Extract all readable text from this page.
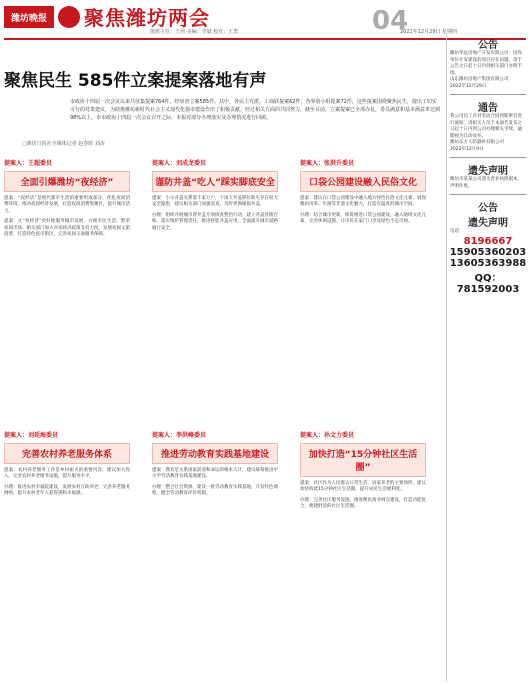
潍坊晚报	聚焦潍坊两会
值班主任：王伟 美编：李斌 校对：王勇	04
2022年12月29日 星期四
聚焦民生 585件立案提案落地有声
市政协十四届一次会议以来共征集提案764件，经审查立案585件。其中，各民主党派、工商联提案62件，各界别小组提案72件，这些提案围绕聚焦民生，提出了切实可行的对策建议，为助推潍坊新时代社会主义现代化强市建设作出了积极贡献。经过相关方面的共同努力，截至目前，立案提案已全部办复，委员满意和基本满意率达到98%以上。市市政协十四届一次会议召开之际，本报对部分办理落实及办理情况进行回顾。
□潍坊日报社全媒体记者 赵春晖 刘涛
提案人：王超委员
全面引爆潍坊“夜经济”
提案：“夜经济”是现代都市生活的重要组成部分，优化夜间消费环境，推动夜间经济发展，打造夜间消费集聚区，提升城市活力。
提案：让“夜经济”更好地服务城市发展、方便市民生活、繁荣夜间市场。相关部门加大对夜经济政策支持力度，发展夜间文旅消费，打造特色夜市街区，完善夜间交通服务保障。
提案人：刘成龙委员
谨防井盖“吃人”踩实脚底安全
提案：小小井盖关系着千家万户，下雨天井盖移位缺失存在较大安全隐患，建议相关部门加强巡查，及时更换破损井盖。
办理：组织开展城市窨井盖专项排查整治行动，建立井盖管理台账，落实维护管理责任，推进智能井盖应用，全面提升城市道路通行安全。
提案人：张洪升委员
口袋公园建设融入民俗文化
提案：建议在口袋公园建设中融入地方特色民俗文化元素，展现潍坊风筝、年画等非遗文化魅力，打造有温度的城市空间。
办理：结合城市更新，统筹推进口袋公园建设，融入地域文化元素，完善休闲设施，让市民在家门口享受绿色生态空间。
提案人：刘延海委员
完善农村养老服务体系
提案：农村养老服务工作是乡村振兴的重要内容，建议加大投入，完善农村养老服务设施，提升服务水平。
办理：推进农村幸福院建设，发展农村互助养老，完善养老服务网络，提升农村老年人获得感和幸福感。
提案人：李洪峰委员
推进劳动教育实践基地建设
提案：教育是关系国家前途和命运的根本大计，建议统筹推进中小学劳动教育实践基地建设。
办理：整合社会资源，建设一批劳动教育实践基地，开发特色课程，健全劳动教育评价机制。
提案人：孙文力委员
加快打造“15分钟社区生活圈”
提案：社区作为人民群众日常生活、居家养老的主要场所，建议加快构建15分钟社区生活圈，提升居民生活便利度。
办理：完善社区服务设施，推进便民商业网点建设，打造功能复合、便捷舒适的社区生活圈。
公告
潍坊华远房地产开发有限公司：因你单位开发建设的项目存在问题，请于公告之日起十日内到相关部门办理手续。
山东潍坊房地产集团有限公司
2022年12月29日
通告
我公司员工应对劳动合同到期事宜进行通知，请相关人员于本通告发布之日起十日内到公司办理相关手续，逾期视为自动放弃。
潍坊东方人防器材有限公司
2022年12月9日
遗失声明
潍坊市某某公司遗失营业执照副本，声明作废。
公告
遗失声明
电话：
8196667
15905360203
13605363988
QQ：781592003
